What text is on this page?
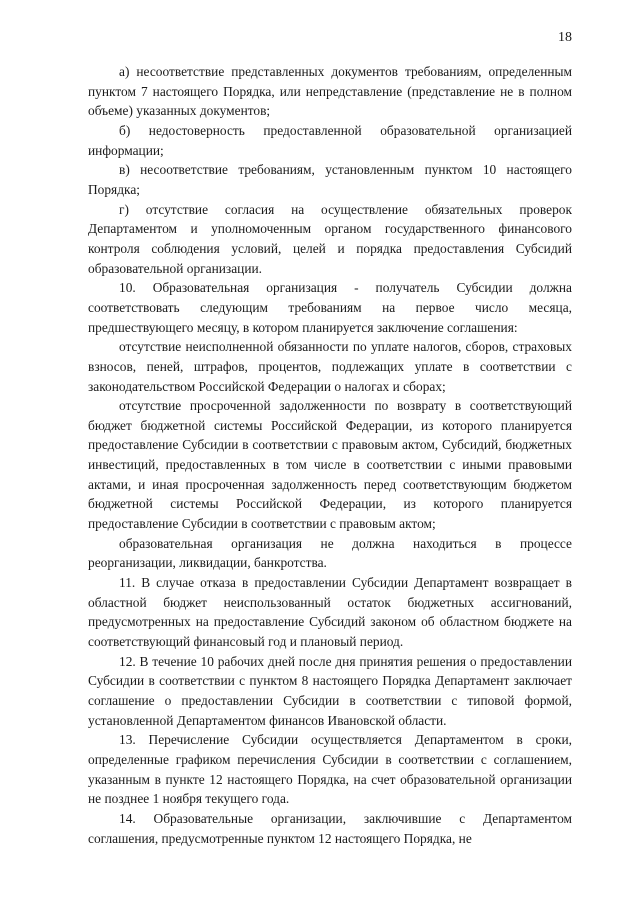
18

а) несоответствие представленных документов требованиям, определенным пунктом 7 настоящего Порядка, или непредставление (представление не в полном объеме) указанных документов;

б) недостоверность предоставленной образовательной организацией информации;

в) несоответствие требованиям, установленным пунктом 10 настоящего Порядка;

г) отсутствие согласия на осуществление обязательных проверок Департаментом и уполномоченным органом государственного финансового контроля соблюдения условий, целей и порядка предоставления Субсидий образовательной организации.

10. Образовательная организация - получатель Субсидии должна соответствовать следующим требованиям на первое число месяца, предшествующего месяцу, в котором планируется заключение соглашения:

отсутствие неисполненной обязанности по уплате налогов, сборов, страховых взносов, пеней, штрафов, процентов, подлежащих уплате в соответствии с законодательством Российской Федерации о налогах и сборах;

отсутствие просроченной задолженности по возврату в соответствующий бюджет бюджетной системы Российской Федерации, из которого планируется предоставление Субсидии в соответствии с правовым актом, Субсидий, бюджетных инвестиций, предоставленных в том числе в соответствии с иными правовыми актами, и иная просроченная задолженность перед соответствующим бюджетом бюджетной системы Российской Федерации, из которого планируется предоставление Субсидии в соответствии с правовым актом;

образовательная организация не должна находиться в процессе реорганизации, ликвидации, банкротства.

11. В случае отказа в предоставлении Субсидии Департамент возвращает в областной бюджет неиспользованный остаток бюджетных ассигнований, предусмотренных на предоставление Субсидий законом об областном бюджете на соответствующий финансовый год и плановый период.

12. В течение 10 рабочих дней после дня принятия решения о предоставлении Субсидии в соответствии с пунктом 8 настоящего Порядка Департамент заключает соглашение о предоставлении Субсидии в соответствии с типовой формой, установленной Департаментом финансов Ивановской области.

13. Перечисление Субсидии осуществляется Департаментом в сроки, определенные графиком перечисления Субсидии в соответствии с соглашением, указанным в пункте 12 настоящего Порядка, на счет образовательной организации не позднее 1 ноября текущего года.

14. Образовательные организации, заключившие с Департаментом соглашения, предусмотренные пунктом 12 настоящего Порядка, не
